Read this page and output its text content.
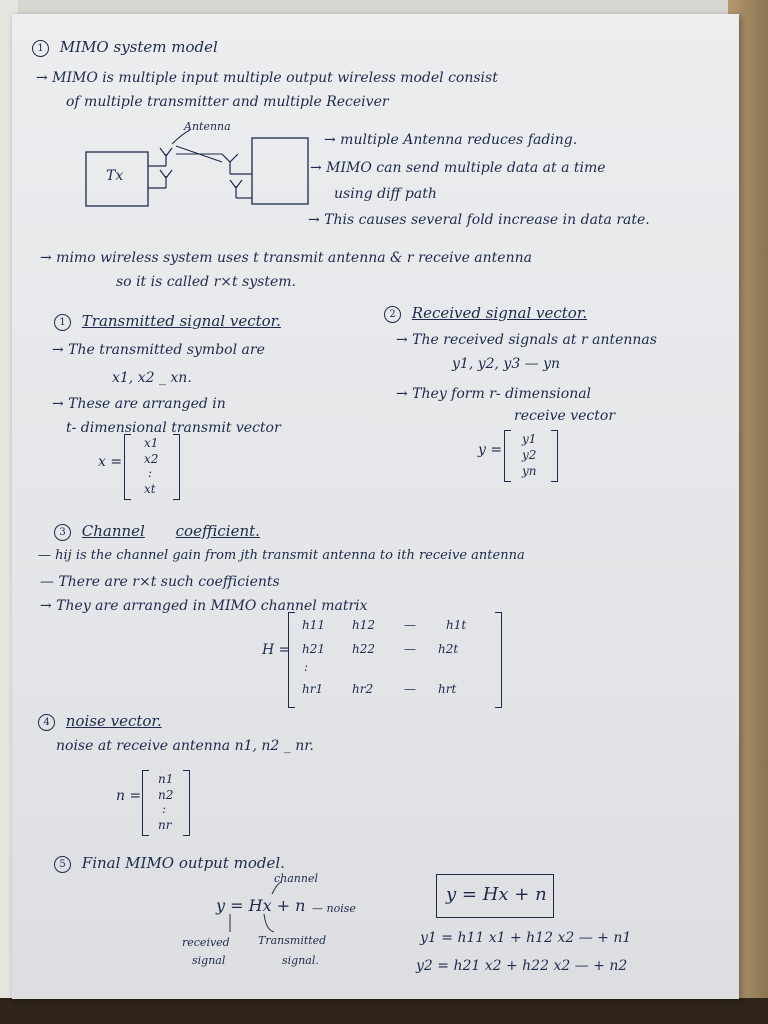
1 MIMO system model
→ MIMO is multiple input multiple output wireless model consist
of multiple transmitter and multiple Receiver
Antenna
Tx
→ multiple Antenna reduces fading.
→ MIMO can send multiple data at a time
using diff path
→ This causes several fold increase in data rate.
→ mimo wireless system uses t transmit antenna & r receive antenna
so it is called r×t system.
1 Transmitted signal vector.
→ The transmitted symbol are
x1, x2 _ xn.
→ These are arranged in
t- dimensional transmit vector
x =
x1
x2
:
xt
2 Received signal vector.
→ The received signals at r antennas
y1, y2, y3 — yn
→ They form r- dimensional
receive vector
y =
y1
y2
yn
3 Channel coefficient.
— hij is the channel gain from jth transmit antenna to ith receive antenna
— There are r×t such coefficients
→ They are arranged in MIMO channel matrix
H =
h11 h12 —	h1t
h21 h22 — h2t
:
hr1 hr2	— hrt
4 noise vector.
noise at receive antenna n1, n2 _ nr.
n =
n1
n2
:
nr
5 Final MIMO output model.
channel
y = Hx + n — noise
received
signal
Transmitted
signal.
y = Hx + n
y1 = h11 x1 + h12 x2 — + n1
y2 = h21 x2 + h22 x2 — + n2
